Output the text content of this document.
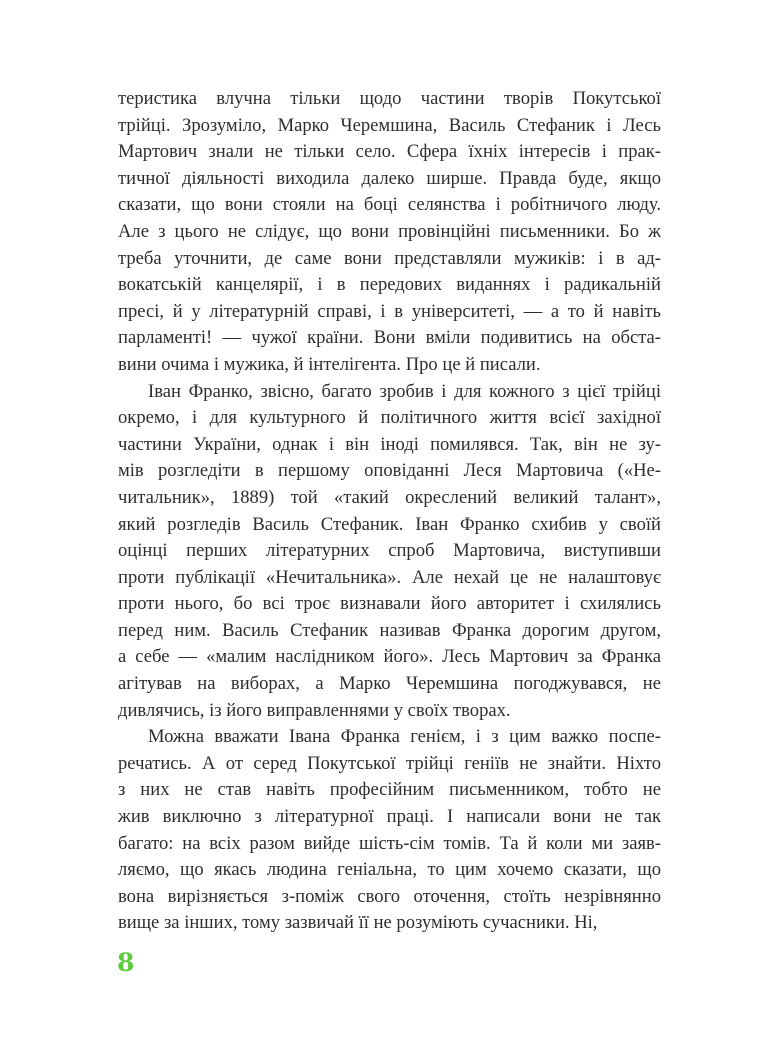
теристика влучна тільки щодо частини творів Покутської
трійці. Зрозуміло, Марко Черемшина, Василь Стефаник і Лесь
Мартович знали не тільки село. Сфера їхніх інтересів і прак-
тичної діяльності виходила далеко ширше. Правда буде, якщо
сказати, що вони стояли на боці селянства і робітничого люду.
Але з цього не слідує, що вони провінційні письменники. Бо ж
треба уточнити, де саме вони представляли мужиків: і в ад-
вокатській канцелярії, і в передових виданнях і радикальній
пресі, й у літературній справі, і в університеті, — а то й навіть
парламенті! — чужої країни. Вони вміли подивитись на обста-
вини очима і мужика, й інтелігента. Про це й писали.
Іван Франко, звісно, багато зробив і для кожного з цієї трійці
окремо, і для культурного й політичного життя всієї західної
частини України, однак і він іноді помилявся. Так, він не зу-
мів розгледіти в першому оповіданні Леся Мартовича («Не-
читальник», 1889) той «такий окреслений великий талант»,
який розгледів Василь Стефаник. Іван Франко схибив у своїй
оцінці перших літературних спроб Мартовича, виступивши
проти публікації «Нечитальника». Але нехай це не налаштовує
проти нього, бо всі троє визнавали його авторитет і схилялись
перед ним. Василь Стефаник називав Франка дорогим другом,
а себе — «малим наслідником його». Лесь Мартович за Франка
агітував на виборах, а Марко Черемшина погоджувався, не
дивлячись, із його виправленнями у своїх творах.
Можна вважати Івана Франка генієм, і з цим важко поспе-
речатись. А от серед Покутської трійці геніїв не знайти. Ніхто
з них не став навіть професійним письменником, тобто не
жив виключно з літературної праці. І написали вони не так
багато: на всіх разом вийде шість-сім томів. Та й коли ми заяв-
ляємо, що якась людина геніальна, то цим хочемо сказати, що
вона вирізняється з-поміж свого оточення, стоїть незрівнянно
вище за інших, тому зазвичай її не розуміють сучасники. Ні,
8
